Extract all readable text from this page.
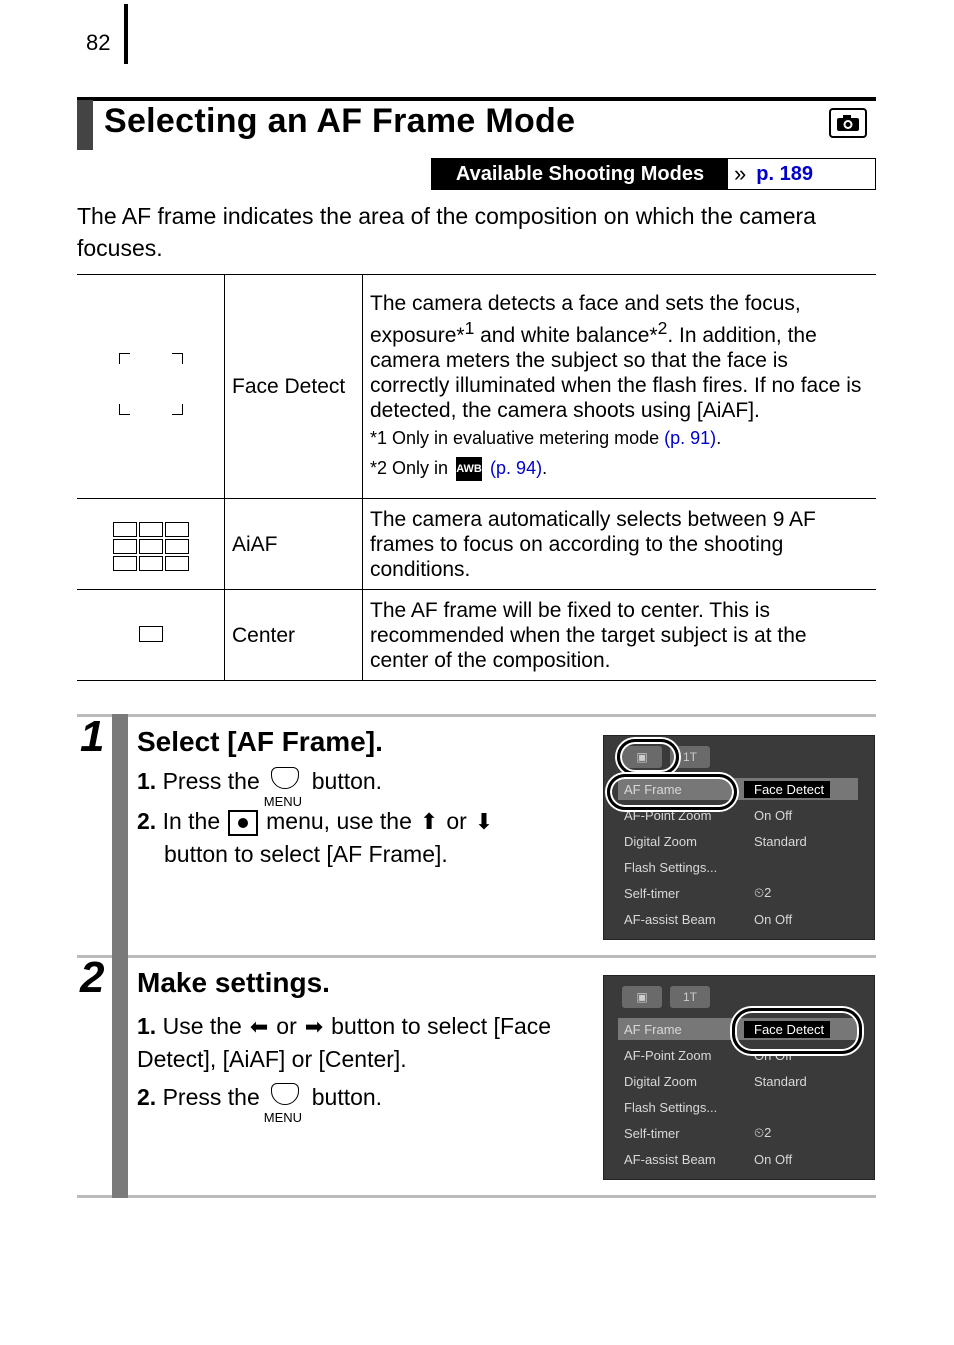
82
Selecting an AF Frame Mode
Available Shooting Modes	» p. 189
The AF frame indicates the area of the composition on which the camera focuses.
	Face Detect	The camera detects a face and sets the focus, exposure*$^1$ and white balance*$^2$. In addition, the camera meters the subject so that the face is correctly illuminated when the flash fires. If no face is detected, the camera shoots using [AiAF].
*1 Only in evaluative metering mode (p. 91).
*2 Only in AWB (p. 94).

	AiAF	The camera automatically selects between 9 AF frames to focus on according to the shooting conditions.
	Center	The AF frame will be fixed to center. This is recommended when the target subject is at the center of the composition.
1 Select [AF Frame].
1. Press the
MENU
button.
2. In the menu, use the ⬆ or ⬇
button to select [AF Frame].
▣	1T
AF Frame	Face Detect
AF-Point Zoom	On Off
Digital Zoom	Standard
Flash Settings...
Self-timer	⏲2
AF-assist Beam	On Off
2 Make settings.
1. Use the ⬅ or ➡ button to select [Face Detect], [AiAF] or [Center].
2. Press the
MENU
button.
▣	1T
AF Frame	Face Detect
AF-Point Zoom	On Off
Digital Zoom	Standard
Flash Settings...
Self-timer	⏲2
AF-assist Beam	On Off
